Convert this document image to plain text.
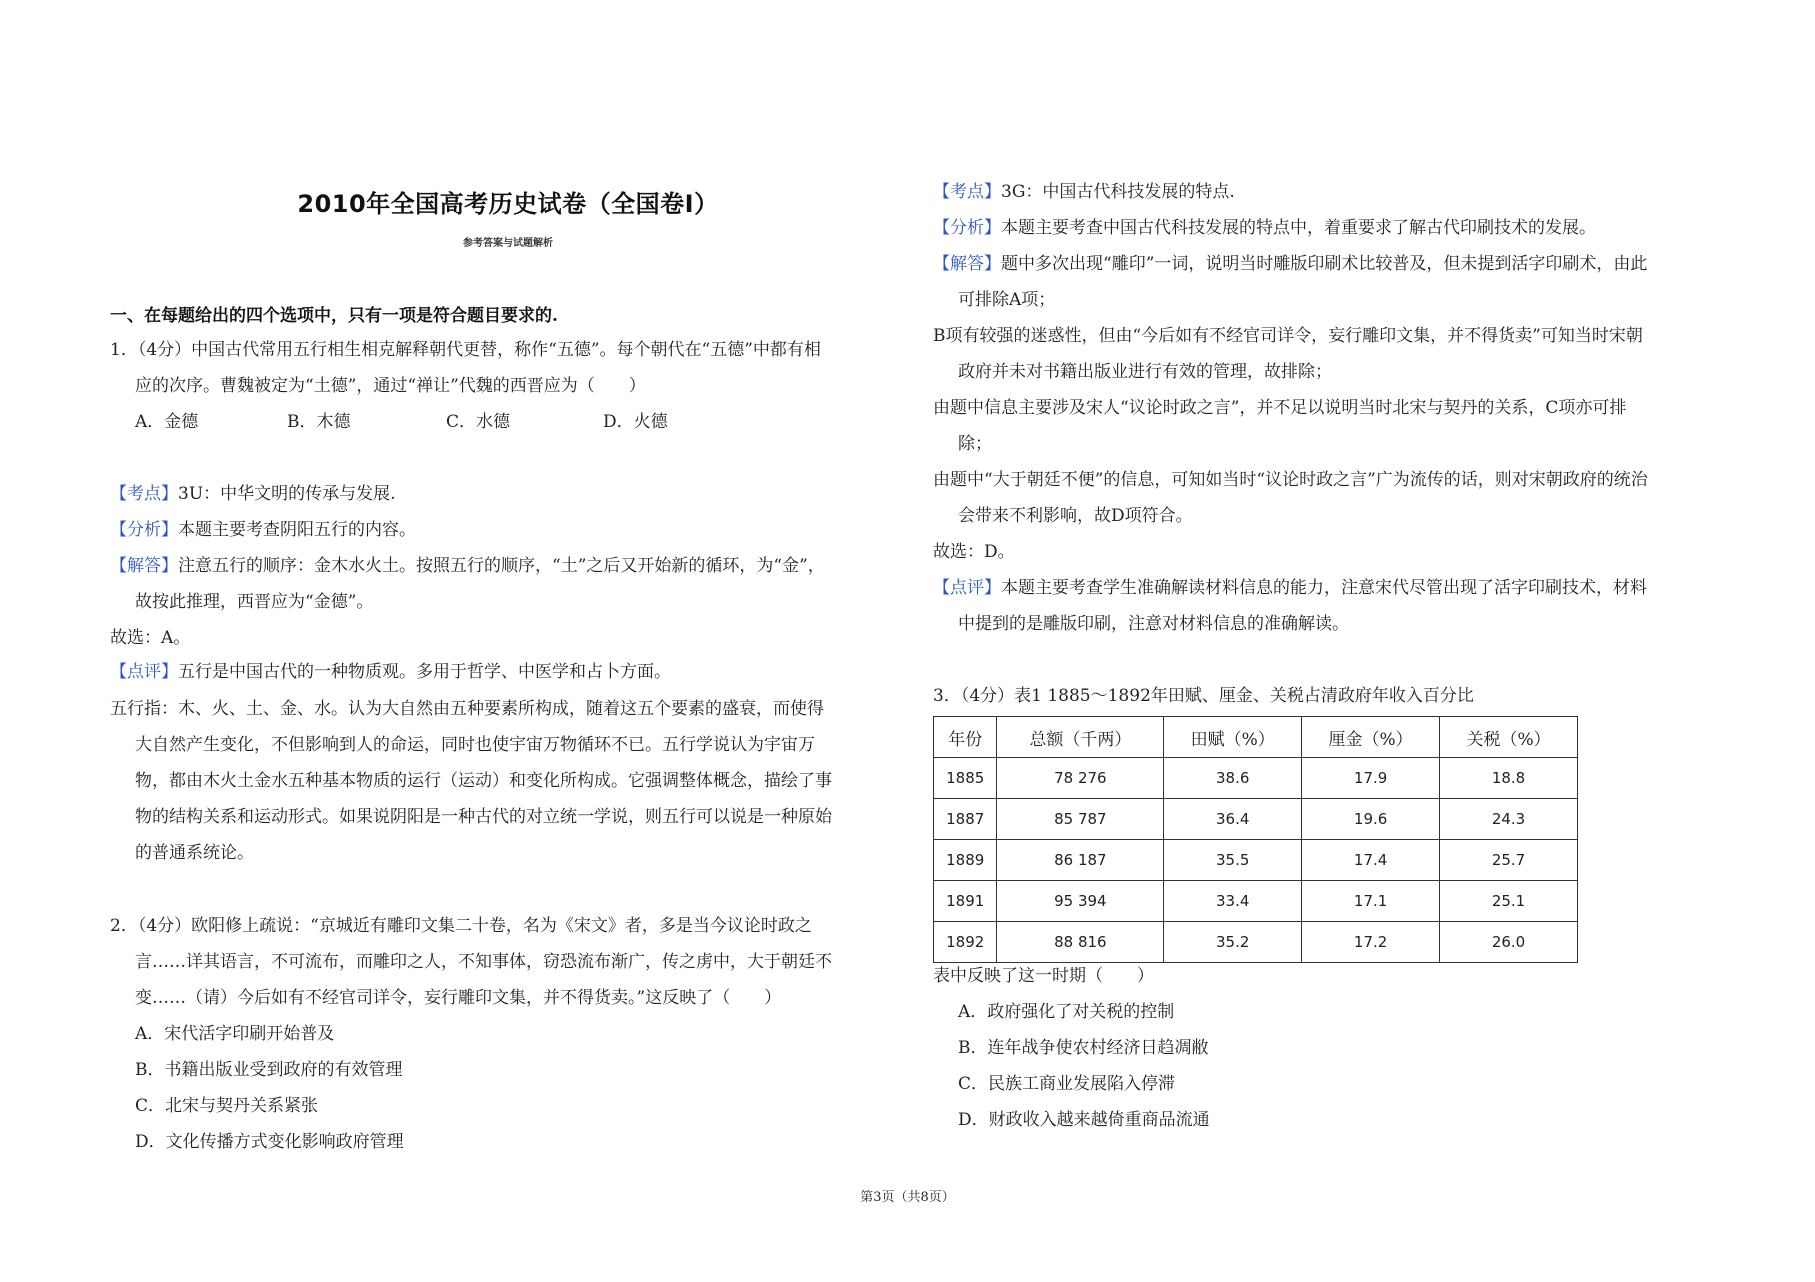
2010年全国高考历史试卷（全国卷Ⅰ）
参考答案与试题解析
一、在每题给出的四个选项中，只有一项是符合题目要求的.
1．（4分）中国古代常用五行相生相克解释朝代更替，称作“五德”。每个朝代在“五德”中都有相
应的次序。曹魏被定为“土德”，通过“禅让”代魏的西晋应为（　　）
A．金德	B．木德	C．水德	D．火德
【考点】3U：中华文明的传承与发展.
【分析】本题主要考查阴阳五行的内容。
【解答】注意五行的顺序：金木水火土。按照五行的顺序，“土”之后又开始新的循环，为“金”，
故按此推理，西晋应为“金德”。
故选：A。
【点评】五行是中国古代的一种物质观。多用于哲学、中医学和占卜方面。
五行指：木、火、土、金、水。认为大自然由五种要素所构成，随着这五个要素的盛衰，而使得
大自然产生变化，不但影响到人的命运，同时也使宇宙万物循环不已。五行学说认为宇宙万
物，都由木火土金水五种基本物质的运行（运动）和变化所构成。它强调整体概念，描绘了事
物的结构关系和运动形式。如果说阴阳是一种古代的对立统一学说，则五行可以说是一种原始
的普通系统论。
2．（4分）欧阳修上疏说：“京城近有雕印文集二十卷，名为《宋文》者，多是当今议论时政之
言……详其语言，不可流布，而雕印之人，不知事体，窃恐流布渐广，传之虏中，大于朝廷不
变……（请）今后如有不经官司详令，妄行雕印文集，并不得货卖。”这反映了（　　）
A．宋代活字印刷开始普及
B．书籍出版业受到政府的有效管理
C．北宋与契丹关系紧张
D．文化传播方式变化影响政府管理
【考点】3G：中国古代科技发展的特点.
【分析】本题主要考查中国古代科技发展的特点中，着重要求了解古代印刷技术的发展。
【解答】题中多次出现“雕印”一词，说明当时雕版印刷术比较普及，但未提到活字印刷术，由此
可排除A项；
B项有较强的迷惑性，但由“今后如有不经官司详令，妄行雕印文集，并不得货卖”可知当时宋朝
政府并未对书籍出版业进行有效的管理，故排除；
由题中信息主要涉及宋人“议论时政之言”，并不足以说明当时北宋与契丹的关系，C项亦可排
除；
由题中“大于朝廷不便”的信息，可知如当时“议论时政之言”广为流传的话，则对宋朝政府的统治
会带来不利影响，故D项符合。
故选：D。
【点评】本题主要考查学生准确解读材料信息的能力，注意宋代尽管出现了活字印刷技术，材料
中提到的是雕版印刷，注意对材料信息的准确解读。
3．（4分）表1 1885～1892年田赋、厘金、关税占清政府年收入百分比
年份	总额（千两）	田赋（%）	厘金（%）	关税（%）
1885	78 276	38.6	17.9	18.8
1887	85 787	36.4	19.6	24.3
1889	86 187	35.5	17.4	25.7
1891	95 394	33.4	17.1	25.1
1892	88 816	35.2	17.2	26.0
表中反映了这一时期（　　）
A．政府强化了对关税的控制
B．连年战争使农村经济日趋凋敝
C．民族工商业发展陷入停滞
D．财政收入越来越倚重商品流通
第3页（共8页）
